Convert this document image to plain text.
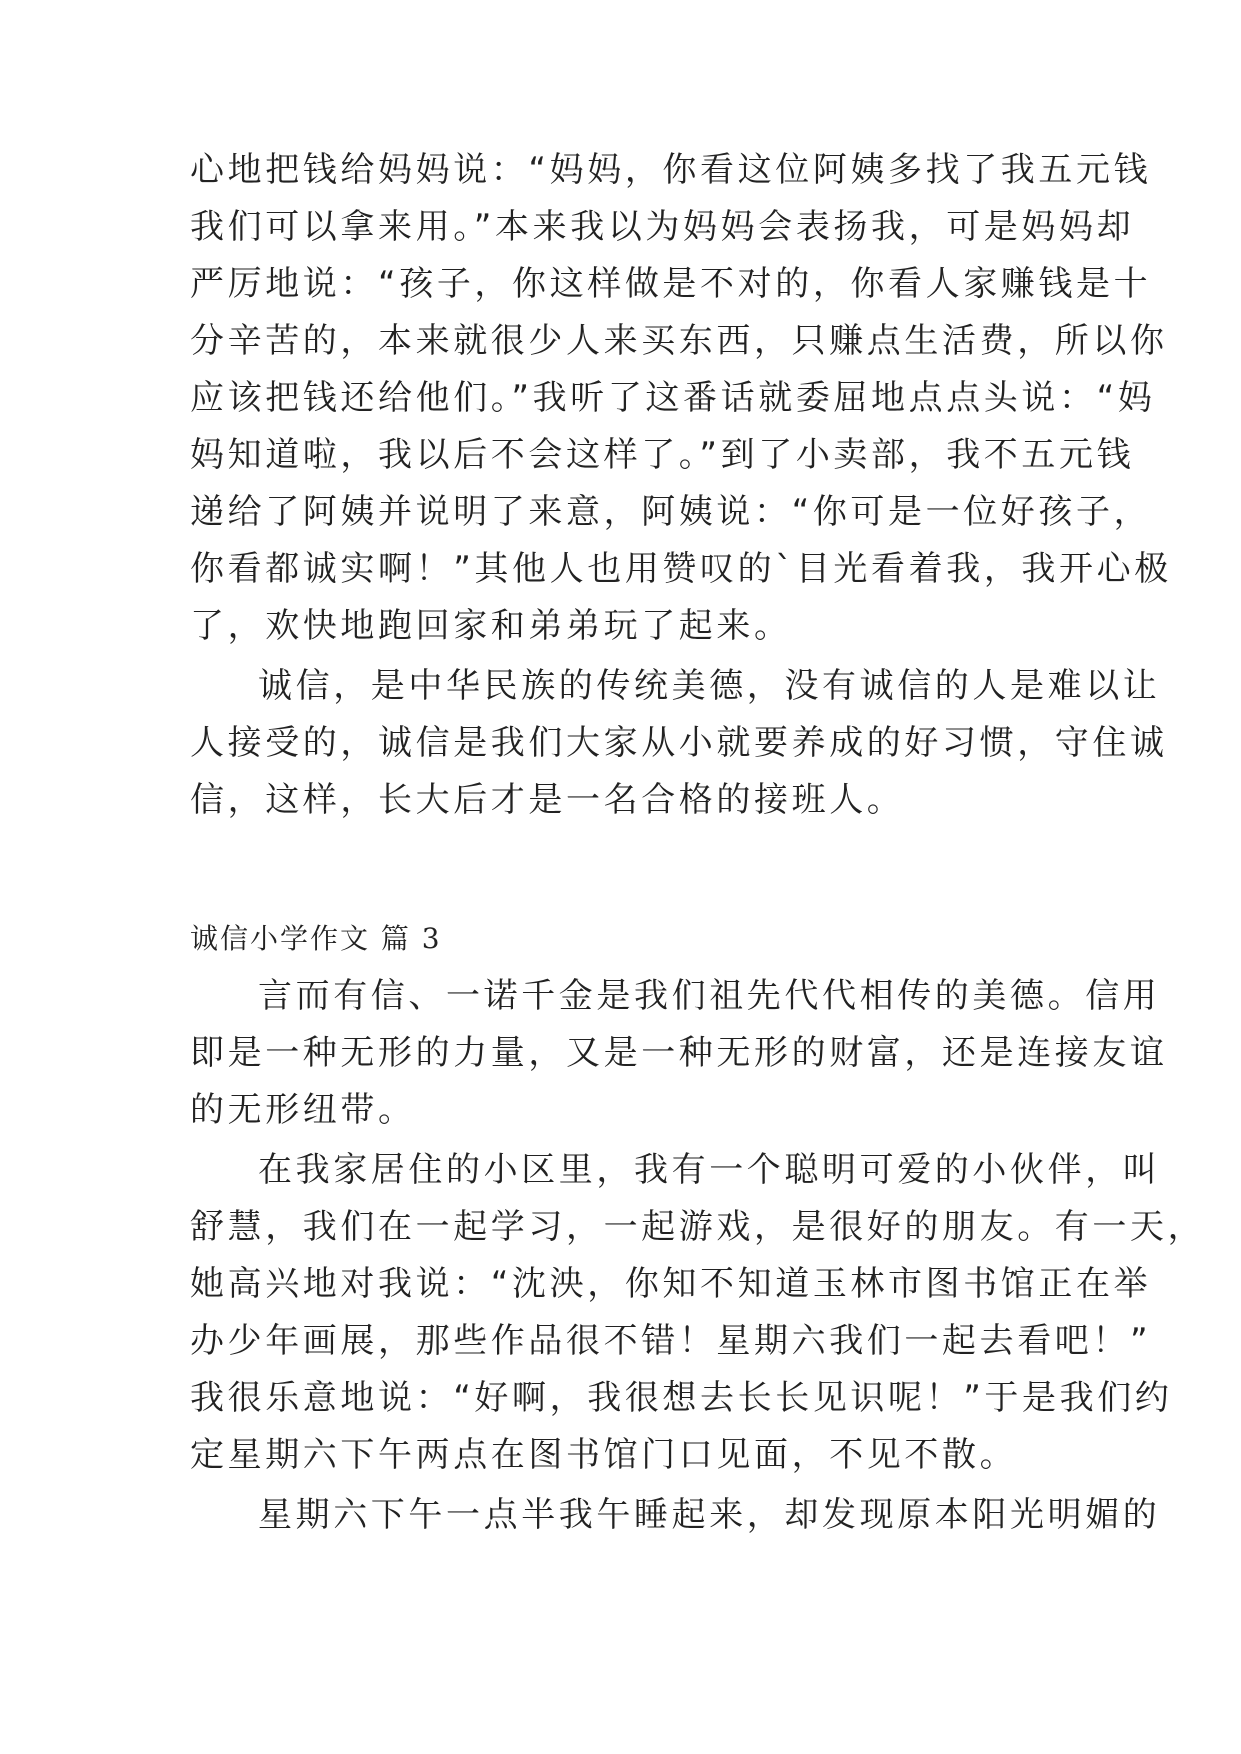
心地把钱给妈妈说：“妈妈，你看这位阿姨多找了我五元钱
我们可以拿来用。”本来我以为妈妈会表扬我，可是妈妈却
严厉地说：“孩子，你这样做是不对的，你看人家赚钱是十
分辛苦的，本来就很少人来买东西，只赚点生活费，所以你
应该把钱还给他们。”我听了这番话就委屈地点点头说：“妈
妈知道啦，我以后不会这样了。”到了小卖部，我不五元钱
递给了阿姨并说明了来意，阿姨说：“你可是一位好孩子，
你看都诚实啊！”其他人也用赞叹的`目光看着我，我开心极
了，欢快地跑回家和弟弟玩了起来。
诚信，是中华民族的传统美德，没有诚信的人是难以让
人接受的，诚信是我们大家从小就要养成的好习惯，守住诚
信，这样，长大后才是一名合格的接班人。
诚信小学作文 篇 3
言而有信、一诺千金是我们祖先代代相传的美德。信用
即是一种无形的力量，又是一种无形的财富，还是连接友谊
的无形纽带。
在我家居住的小区里，我有一个聪明可爱的小伙伴，叫
舒慧，我们在一起学习，一起游戏，是很好的朋友。有一天，
她高兴地对我说：“沈泱，你知不知道玉林市图书馆正在举
办少年画展，那些作品很不错！星期六我们一起去看吧！”
我很乐意地说：“好啊，我很想去长长见识呢！”于是我们约
定星期六下午两点在图书馆门口见面，不见不散。
星期六下午一点半我午睡起来，却发现原本阳光明媚的
